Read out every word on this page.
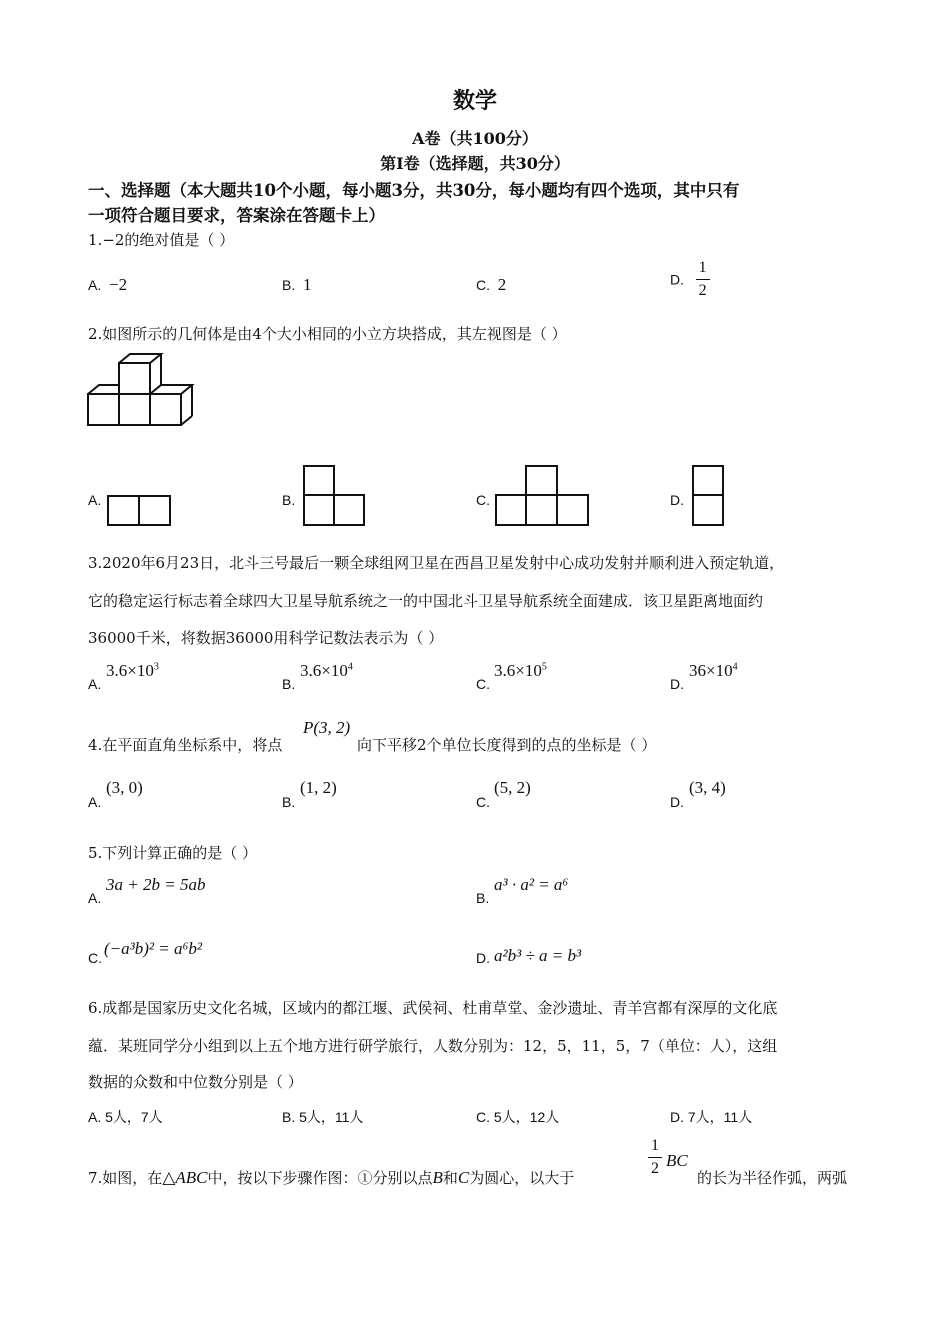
数学
A卷（共100分）
第Ⅰ卷（选择题，共30分）
一、选择题（本大题共10个小题，每小题3分，共30分，每小题均有四个选项，其中只有
一项符合题目要求，答案涂在答题卡上）
1.−2的绝对值是（ ）
A. −2	B. 1	C. 2	D. $\frac{1}{2}$
2.如图所示的几何体是由4个大小相同的小立方块搭成，其左视图是（ ）
A.	B.	C.	D.
3.2020年6月23日，北斗三号最后一颗全球组网卫星在西昌卫星发射中心成功发射并顺利进入预定轨道，
它的稳定运行标志着全球四大卫星导航系统之一的中国北斗卫星导航系统全面建成．该卫星距离地面约
36000千米，将数据36000用科学记数法表示为（ ）
A.
$3.6\times 10^3$
B.
$3.6\times 10^4$
C.
$3.6\times 10^5$
D.
$36\times 10^4$
4.在平面直角坐标系中，将点
P(3, 2)
向下平移2个单位长度得到的点的坐标是（ ）
A.
(3, 0)
B.
(1, 2)
C.
(5, 2)
D.
(3, 4)
5.下列计算正确的是（ ）
A.
3a + 2b = 5ab
B.
a³ · a² = a⁶
C. (−a³b)² = a⁶b²	D. a²b³ ÷ a = b³
6.成都是国家历史文化名城，区域内的都江堰、武侯祠、杜甫草堂、金沙遗址、青羊宫都有深厚的文化底
蕴．某班同学分小组到以上五个地方进行研学旅行，人数分别为：12，5，11，5，7（单位：人），这组
数据的众数和中位数分别是（ ）
A. 5人，7人	B. 5人，11人	C. 5人，12人	D. 7人，11人
7.如图，在△ABC中，按以下步骤作图：①分别以点B和C为圆心，以大于
$\frac{1}{2}$ BC
的长为半径作弧，两弧
